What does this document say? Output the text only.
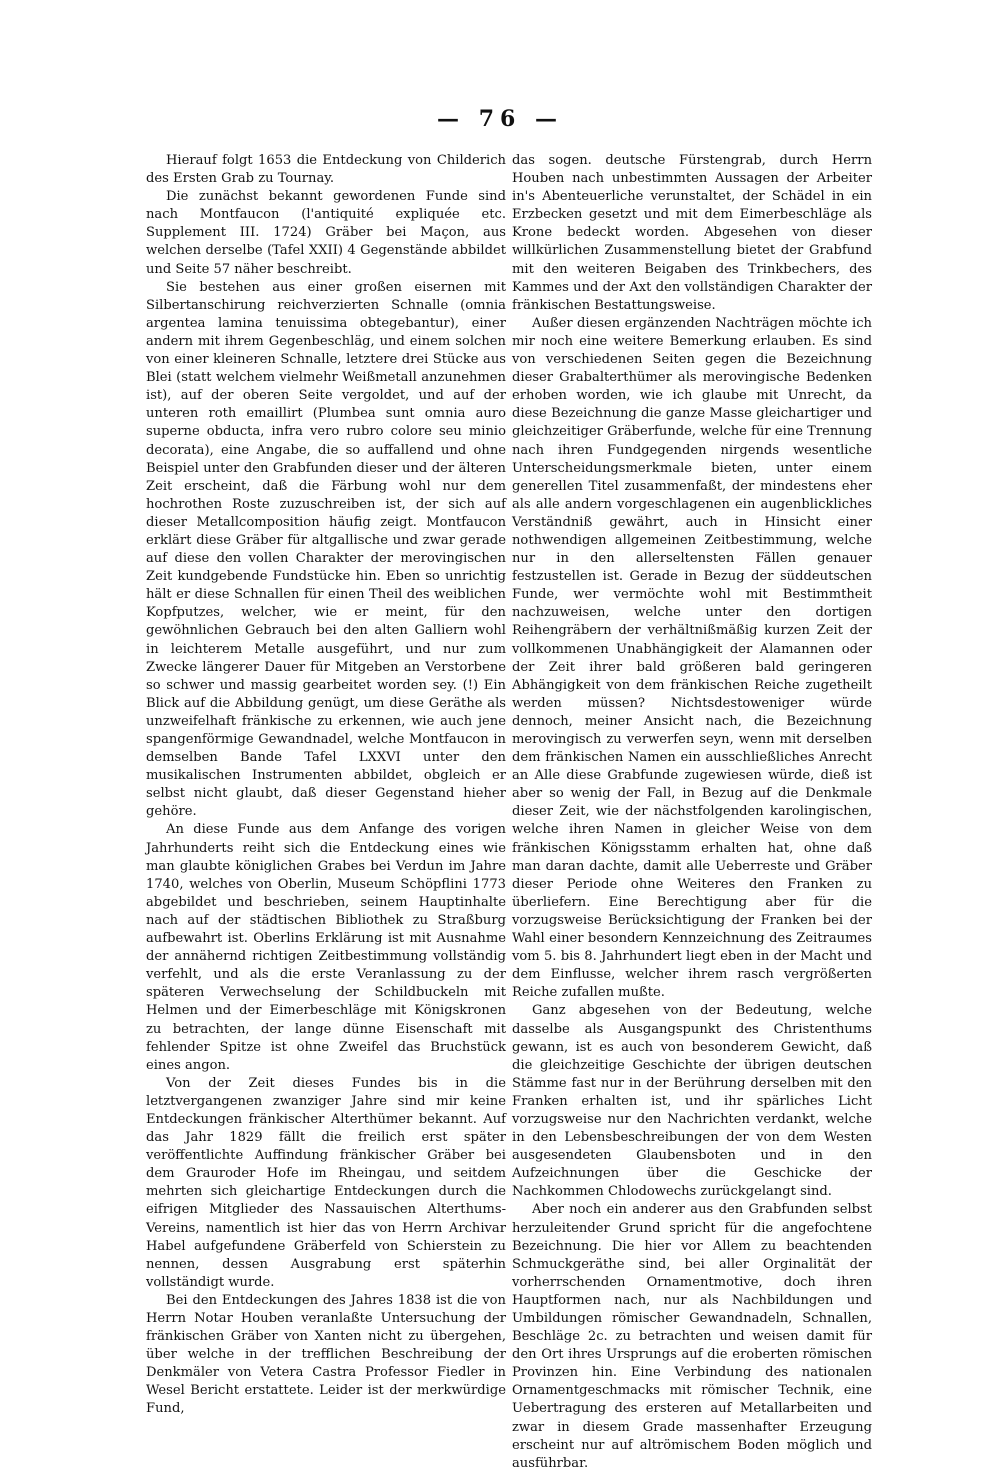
— 76 —

Hierauf folgt 1653 die Entdeckung von Childerich des Ersten Grab zu Tournay.

Die zunächst bekannt gewordenen Funde sind nach Montfaucon (l'antiquité expliquée etc. Supplement III. 1724) Gräber bei Maçon, aus welchen derselbe (Tafel XXII) 4 Gegenstände abbildet und Seite 57 näher beschreibt.

Sie bestehen aus einer großen eisernen mit Silbertanschirung reichverzierten Schnalle (omnia argentea lamina tenuissima obtegebantur), einer andern mit ihrem Gegenbeschläg, und einem solchen von einer kleineren Schnalle, letztere drei Stücke aus Blei (statt welchem vielmehr Weißmetall anzunehmen ist), auf der oberen Seite vergoldet, und auf der unteren roth emaillirt (Plumbea sunt omnia auro superne obducta, infra vero rubro colore seu minio decorata), eine Angabe, die so auffallend und ohne Beispiel unter den Grabfunden dieser und der älteren Zeit erscheint, daß die Färbung wohl nur dem hochrothen Roste zuzuschreiben ist, der sich auf dieser Metallcomposition häufig zeigt. Montfaucon erklärt diese Gräber für altgallische und zwar gerade auf diese den vollen Charakter der merovingischen Zeit kundgebende Fundstücke hin. Eben so unrichtig hält er diese Schnallen für einen Theil des weiblichen Kopfputzes, welcher, wie er meint, für den gewöhnlichen Gebrauch bei den alten Galliern wohl in leichterem Metalle ausgeführt, und nur zum Zwecke längerer Dauer für Mitgeben an Verstorbene so schwer und massig gearbeitet worden sey. (!) Ein Blick auf die Abbildung genügt, um diese Geräthe als unzweifelhaft fränkische zu erkennen, wie auch jene spangenförmige Gewandnadel, welche Montfaucon in demselben Bande Tafel LXXVI unter den musikalischen Instrumenten abbildet, obgleich er selbst nicht glaubt, daß dieser Gegenstand hieher gehöre.

An diese Funde aus dem Anfange des vorigen Jahrhunderts reiht sich die Entdeckung eines wie man glaubte königlichen Grabes bei Verdun im Jahre 1740, welches von Oberlin, Museum Schöpflini 1773 abgebildet und beschrieben, seinem Hauptinhalte nach auf der städtischen Bibliothek zu Straßburg aufbewahrt ist. Oberlins Erklärung ist mit Ausnahme der annähernd richtigen Zeitbestimmung vollständig verfehlt, und als die erste Veranlassung zu der späteren Verwechselung der Schildbuckeln mit Helmen und der Eimerbeschläge mit Königskronen zu betrachten, der lange dünne Eisenschaft mit fehlender Spitze ist ohne Zweifel das Bruchstück eines angon.

Von der Zeit dieses Fundes bis in die letztvergangenen zwanziger Jahre sind mir keine Entdeckungen fränkischer Alterthümer bekannt. Auf das Jahr 1829 fällt die freilich erst später veröffentlichte Auffindung fränkischer Gräber bei dem Grauroder Hofe im Rheingau, und seitdem mehrten sich gleichartige Entdeckungen durch die eifrigen Mitglieder des Nassauischen Alterthums-Vereins, namentlich ist hier das von Herrn Archivar Habel aufgefundene Gräberfeld von Schierstein zu nennen, dessen Ausgrabung erst späterhin vollständigt wurde.

Bei den Entdeckungen des Jahres 1838 ist die von Herrn Notar Houben veranlaßte Untersuchung der fränkischen Gräber von Xanten nicht zu übergehen, über welche in der trefflichen Beschreibung der Denkmäler von Vetera Castra Professor Fiedler in Wesel Bericht erstattete. Leider ist der merkwürdige Fund,

das sogen. deutsche Fürstengrab, durch Herrn Houben nach unbestimmten Aussagen der Arbeiter in's Abenteuerliche verunstaltet, der Schädel in ein Erzbecken gesetzt und mit dem Eimerbeschläge als Krone bedeckt worden. Abgesehen von dieser willkürlichen Zusammenstellung bietet der Grabfund mit den weiteren Beigaben des Trinkbechers, des Kammes und der Axt den vollständigen Charakter der fränkischen Bestattungsweise.

Außer diesen ergänzenden Nachträgen möchte ich mir noch eine weitere Bemerkung erlauben. Es sind von verschiedenen Seiten gegen die Bezeichnung dieser Grabalterthümer als merovingische Bedenken erhoben worden, wie ich glaube mit Unrecht, da diese Bezeichnung die ganze Masse gleichartiger und gleichzeitiger Gräberfunde, welche für eine Trennung nach ihren Fundgegenden nirgends wesentliche Unterscheidungsmerkmale bieten, unter einem generellen Titel zusammenfaßt, der mindestens eher als alle andern vorgeschlagenen ein augenblickliches Verständniß gewährt, auch in Hinsicht einer nothwendigen allgemeinen Zeitbestimmung, welche nur in den allerseltensten Fällen genauer festzustellen ist. Gerade in Bezug der süddeutschen Funde, wer vermöchte wohl mit Bestimmtheit nachzuweisen, welche unter den dortigen Reihengräbern der verhältnißmäßig kurzen Zeit der vollkommenen Unabhängigkeit der Alamannen oder der Zeit ihrer bald größeren bald geringeren Abhängigkeit von dem fränkischen Reiche zugetheilt werden müssen? Nichtsdestoweniger würde dennoch, meiner Ansicht nach, die Bezeichnung merovingisch zu verwerfen seyn, wenn mit derselben dem fränkischen Namen ein ausschließliches Anrecht an Alle diese Grabfunde zugewiesen würde, dieß ist aber so wenig der Fall, in Bezug auf die Denkmale dieser Zeit, wie der nächstfolgenden karolingischen, welche ihren Namen in gleicher Weise von dem fränkischen Königsstamm erhalten hat, ohne daß man daran dachte, damit alle Ueberreste und Gräber dieser Periode ohne Weiteres den Franken zu überliefern. Eine Berechtigung aber für die vorzugsweise Berücksichtigung der Franken bei der Wahl einer besondern Kennzeichnung des Zeitraumes vom 5. bis 8. Jahrhundert liegt eben in der Macht und dem Einflusse, welcher ihrem rasch vergrößerten Reiche zufallen mußte.

Ganz abgesehen von der Bedeutung, welche dasselbe als Ausgangspunkt des Christenthums gewann, ist es auch von besonderem Gewicht, daß die gleichzeitige Geschichte der übrigen deutschen Stämme fast nur in der Berührung derselben mit den Franken erhalten ist, und ihr spärliches Licht vorzugsweise nur den Nachrichten verdankt, welche in den Lebensbeschreibungen der von dem Westen ausgesendeten Glaubensboten und in den Aufzeichnungen über die Geschicke der Nachkommen Chlodowechs zurückgelangt sind.

Aber noch ein anderer aus den Grabfunden selbst herzuleitender Grund spricht für die angefochtene Bezeichnung. Die hier vor Allem zu beachtenden Schmuckgeräthe sind, bei aller Orginalität der vorherrschenden Ornamentmotive, doch ihren Hauptformen nach, nur als Nachbildungen und Umbildungen römischer Gewandnadeln, Schnallen, Beschläge 2c. zu betrachten und weisen damit für den Ort ihres Ursprungs auf die eroberten römischen Provinzen hin. Eine Verbindung des nationalen Ornamentgeschmacks mit römischer Technik, eine Uebertragung des ersteren auf Metallarbeiten und zwar in diesem Grade massenhafter Erzeugung erscheint nur auf altrömischem Boden möglich und ausführbar.
